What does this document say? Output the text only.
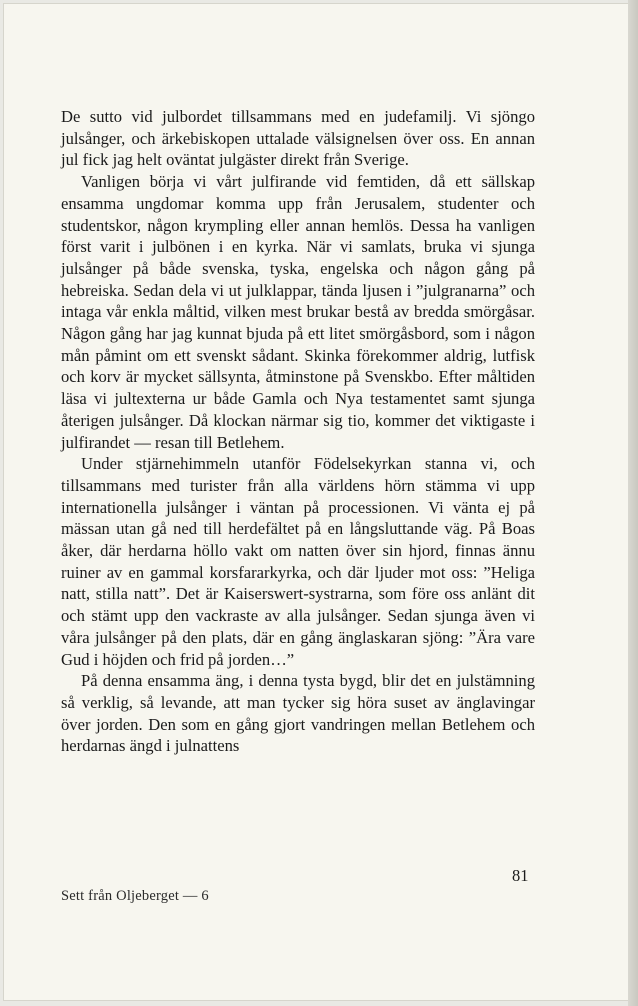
De sutto vid julbordet tillsammans med en judefamilj. Vi sjöngo julsånger, och ärkebiskopen uttalade välsignelsen över oss. En annan jul fick jag helt oväntat julgäster direkt från Sverige.

Vanligen börja vi vårt julfirande vid femtiden, då ett sällskap ensamma ungdomar komma upp från Jerusalem, studenter och studentskor, någon krympling eller annan hemlös. Dessa ha vanligen först varit i julbönen i en kyrka. När vi samlats, bruka vi sjunga julsånger på både svenska, tyska, engelska och någon gång på hebreiska. Sedan dela vi ut julklappar, tända ljusen i ”julgranarna” och intaga vår enkla måltid, vilken mest brukar bestå av bredda smörgåsar. Någon gång har jag kunnat bjuda på ett litet smörgåsbord, som i någon mån påmint om ett svenskt sådant. Skinka förekommer aldrig, lutfisk och korv är mycket sällsynta, åtminstone på Svenskbo. Efter måltiden läsa vi jultexterna ur både Gamla och Nya testamentet samt sjunga återigen julsånger. Då klockan närmar sig tio, kommer det viktigaste i julfirandet — resan till Betlehem.

Under stjärnehimmeln utanför Födelsekyrkan stanna vi, och tillsammans med turister från alla världens hörn stämma vi upp internationella julsånger i väntan på processionen. Vi vänta ej på mässan utan gå ned till herdefältet på en långsluttande väg. På Boas åker, där herdarna höllo vakt om natten över sin hjord, finnas ännu ruiner av en gammal korsfararkyrka, och där ljuder mot oss: ”Heliga natt, stilla natt”. Det är Kaiserswert-systrarna, som före oss anlänt dit och stämt upp den vackraste av alla julsånger. Sedan sjunga även vi våra julsånger på den plats, där en gång änglaskaran sjöng: ”Ära vare Gud i höjden och frid på jorden…”

På denna ensamma äng, i denna tysta bygd, blir det en julstämning så verklig, så levande, att man tycker sig höra suset av änglavingar över jorden. Den som en gång gjort vandringen mellan Betlehem och herdarnas ängd i julnattens

81
Sett från Oljeberget — 6
